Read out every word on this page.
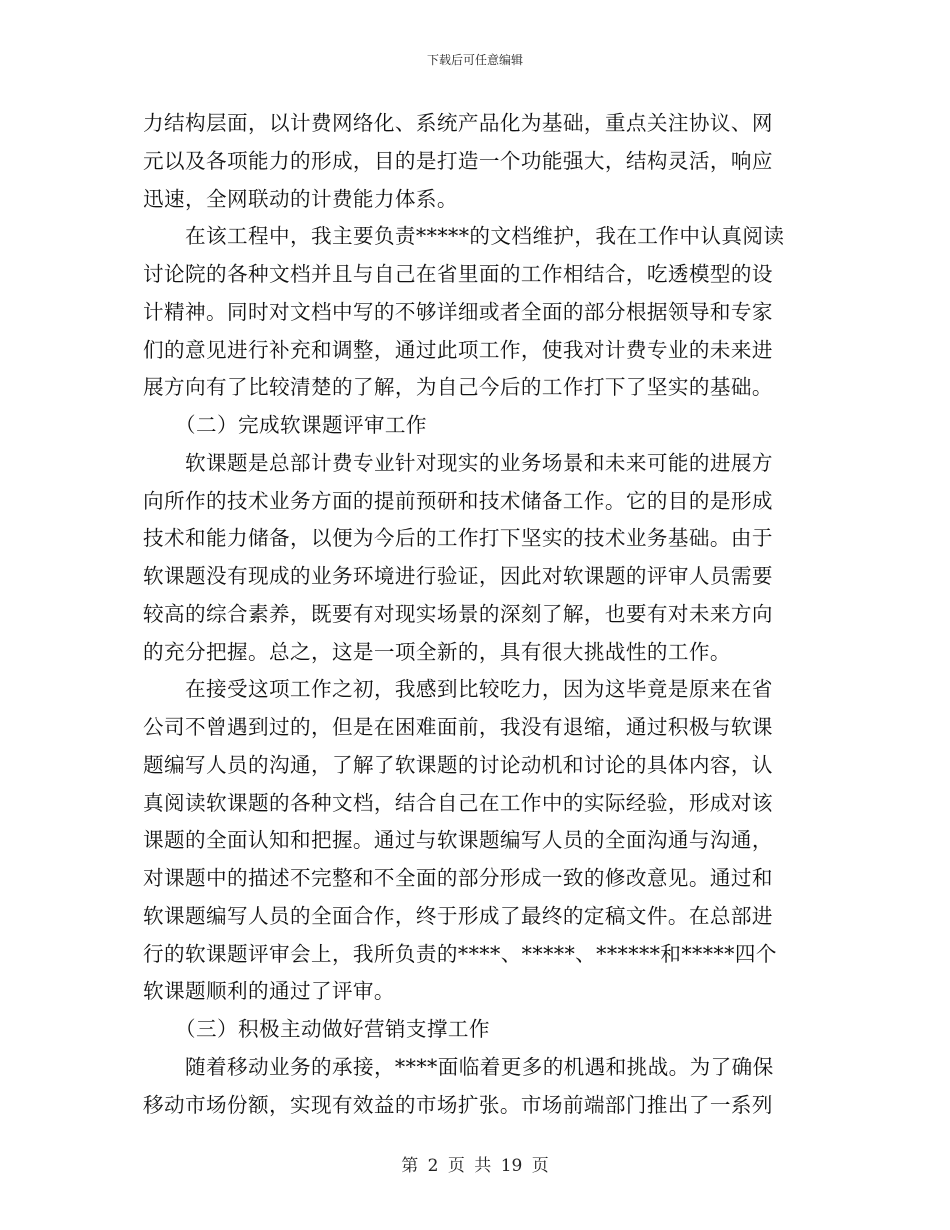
下载后可任意编辑
力结构层面，以计费网络化、系统产品化为基础，重点关注协议、网
元以及各项能力的形成，目的是打造一个功能强大，结构灵活，响应
迅速，全网联动的计费能力体系。
在该工程中，我主要负责*****的文档维护，我在工作中认真阅读
讨论院的各种文档并且与自己在省里面的工作相结合，吃透模型的设
计精神。同时对文档中写的不够详细或者全面的部分根据领导和专家
们的意见进行补充和调整，通过此项工作，使我对计费专业的未来进
展方向有了比较清楚的了解，为自己今后的工作打下了坚实的基础。
（二）完成软课题评审工作
软课题是总部计费专业针对现实的业务场景和未来可能的进展方
向所作的技术业务方面的提前预研和技术储备工作。它的目的是形成
技术和能力储备，以便为今后的工作打下坚实的技术业务基础。由于
软课题没有现成的业务环境进行验证，因此对软课题的评审人员需要
较高的综合素养，既要有对现实场景的深刻了解，也要有对未来方向
的充分把握。总之，这是一项全新的，具有很大挑战性的工作。
在接受这项工作之初，我感到比较吃力，因为这毕竟是原来在省
公司不曾遇到过的，但是在困难面前，我没有退缩，通过积极与软课
题编写人员的沟通，了解了软课题的讨论动机和讨论的具体内容，认
真阅读软课题的各种文档，结合自己在工作中的实际经验，形成对该
课题的全面认知和把握。通过与软课题编写人员的全面沟通与沟通，
对课题中的描述不完整和不全面的部分形成一致的修改意见。通过和
软课题编写人员的全面合作，终于形成了最终的定稿文件。在总部进
行的软课题评审会上，我所负责的****、*****、******和*****四个
软课题顺利的通过了评审。
（三）积极主动做好营销支撑工作
随着移动业务的承接，****面临着更多的机遇和挑战。为了确保
移动市场份额，实现有效益的市场扩张。市场前端部门推出了一系列
第 2 页 共 19 页
